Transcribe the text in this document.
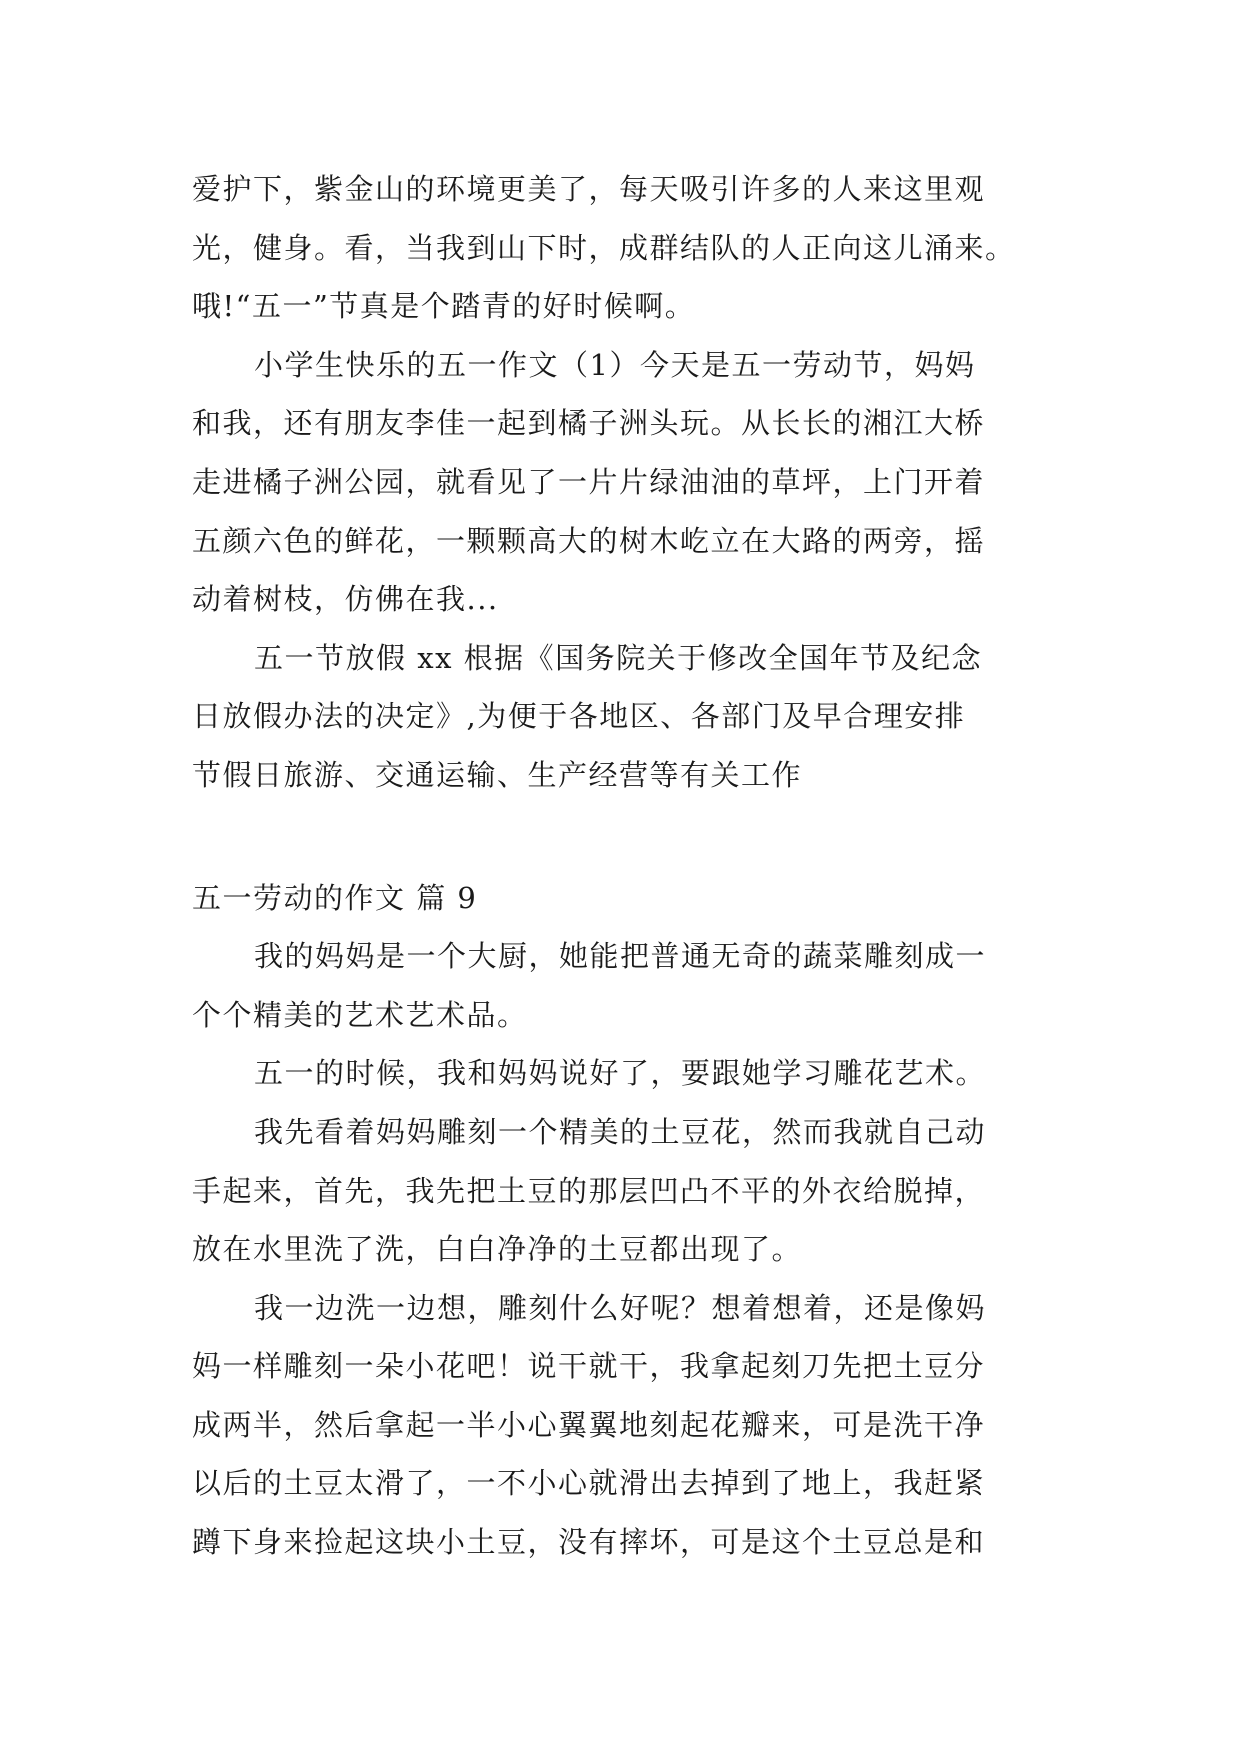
爱护下，紫金山的环境更美了，每天吸引许多的人来这里观
光，健身。看，当我到山下时，成群结队的人正向这儿涌来。
哦!“五一”节真是个踏青的好时候啊。
小学生快乐的五一作文（1）今天是五一劳动节，妈妈
和我，还有朋友李佳一起到橘子洲头玩。从长长的湘江大桥
走进橘子洲公园，就看见了一片片绿油油的草坪，上门开着
五颜六色的鲜花，一颗颗高大的树木屹立在大路的两旁，摇
动着树枝，仿佛在我...
五一节放假 xx 根据《国务院关于修改全国年节及纪念
日放假办法的决定》,为便于各地区、各部门及早合理安排
节假日旅游、交通运输、生产经营等有关工作
五一劳动的作文 篇 9
我的妈妈是一个大厨，她能把普通无奇的蔬菜雕刻成一
个个精美的艺术艺术品。
五一的时候，我和妈妈说好了，要跟她学习雕花艺术。
我先看着妈妈雕刻一个精美的土豆花，然而我就自己动
手起来，首先，我先把土豆的那层凹凸不平的外衣给脱掉，
放在水里洗了洗，白白净净的土豆都出现了。
我一边洗一边想，雕刻什么好呢？想着想着，还是像妈
妈一样雕刻一朵小花吧！说干就干，我拿起刻刀先把土豆分
成两半，然后拿起一半小心翼翼地刻起花瓣来，可是洗干净
以后的土豆太滑了，一不小心就滑出去掉到了地上，我赶紧
蹲下身来捡起这块小土豆，没有摔坏，可是这个土豆总是和
